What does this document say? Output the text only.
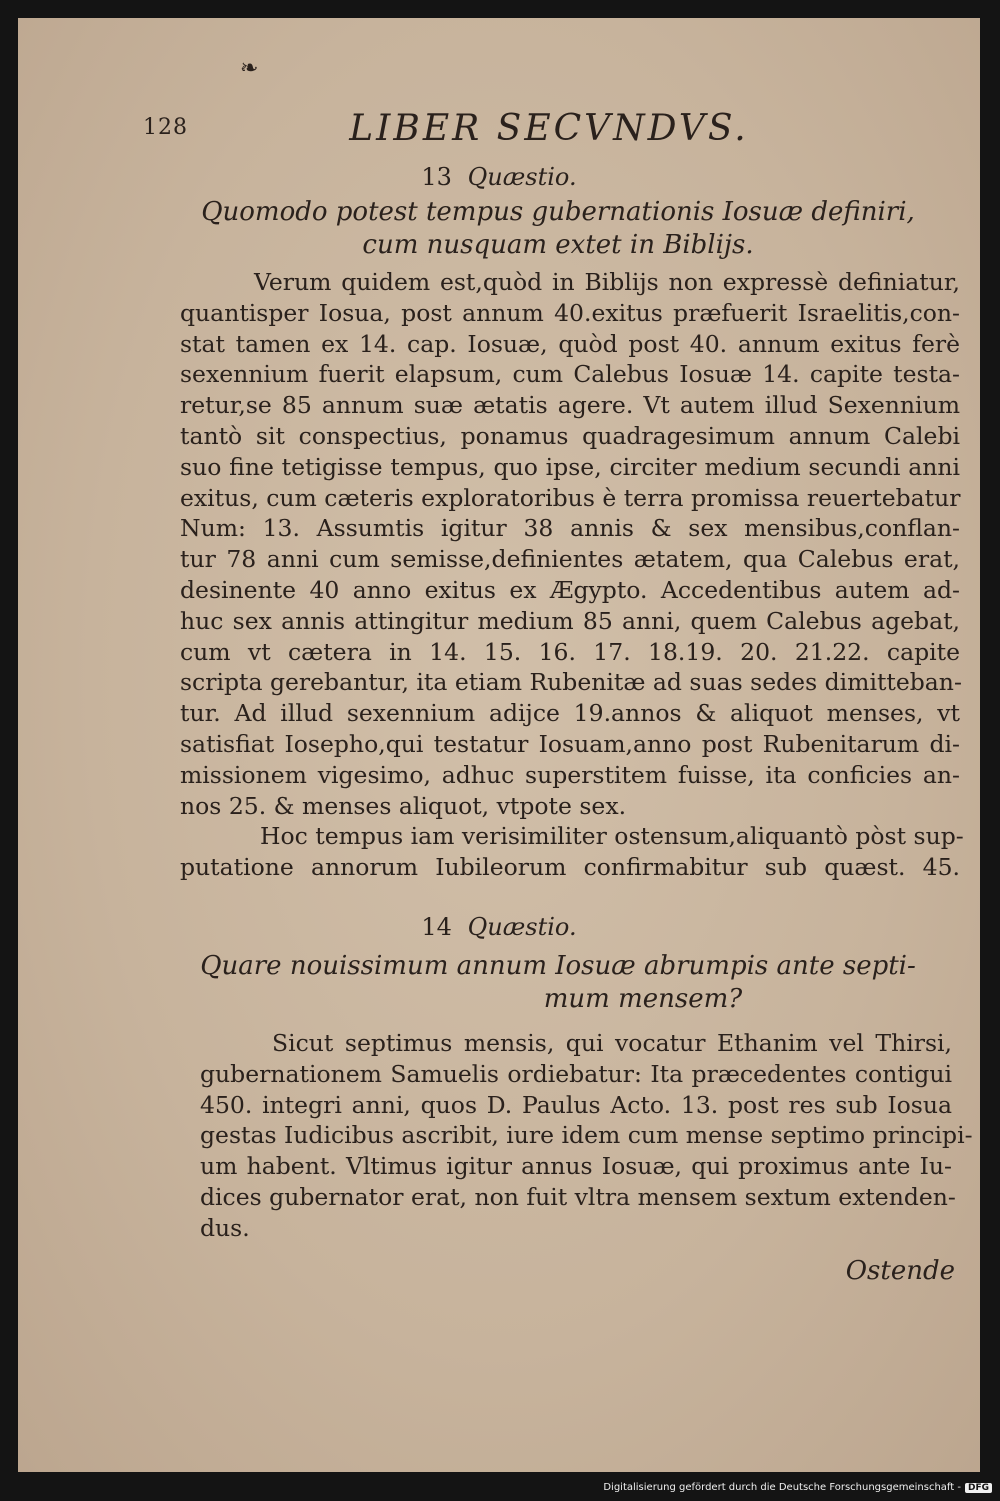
❧
128	LIBER SECVNDVS.
13 Quæstio.
Quomodo potest tempus gubernationis Iosuæ definiri,
cum nusquam extet in Biblijs.
Verum quidem est,quòd in Biblijs non expressè definiatur,
quantisper Iosua, post annum 40.exitus præfuerit Israelitis,con-
stat tamen ex 14. cap. Iosuæ, quòd post 40. annum exitus ferè
sexennium fuerit elapsum, cum Calebus Iosuæ 14. capite testa-
retur,se 85 annum suæ ætatis agere. Vt autem illud Sexennium
tantò sit conspectius, ponamus quadragesimum annum Calebi
suo fine tetigisse tempus, quo ipse, circiter medium secundi anni
exitus, cum cæteris exploratoribus è terra promissa reuertebatur
Num: 13. Assumtis igitur 38 annis & sex mensibus,conflan-
tur 78 anni cum semisse,definientes ætatem, qua Calebus erat,
desinente 40 anno exitus ex Ægypto. Accedentibus autem ad-
huc sex annis attingitur medium 85 anni, quem Calebus agebat,
cum vt cætera in 14. 15. 16. 17. 18.19. 20. 21.22. capite
scripta gerebantur, ita etiam Rubenitæ ad suas sedes dimitteban-
tur. Ad illud sexennium adijce 19.annos & aliquot menses, vt
satisfiat Iosepho,qui testatur Iosuam,anno post Rubenitarum di-
missionem vigesimo, adhuc superstitem fuisse, ita conficies an-
nos 25. & menses aliquot, vtpote sex.
Hoc tempus iam verisimiliter ostensum,aliquantò pòst sup-
putatione annorum Iubileorum confirmabitur sub quæst. 45.
14 Quæstio.
Quare nouissimum annum Iosuæ abrumpis ante septi-
mum mensem?
Sicut septimus mensis, qui vocatur Ethanim vel Thirsi,
gubernationem Samuelis ordiebatur: Ita præcedentes contigui
450. integri anni, quos D. Paulus Acto. 13. post res sub Iosua
gestas Iudicibus ascribit, iure idem cum mense septimo principi-
um habent. Vltimus igitur annus Iosuæ, qui proximus ante Iu-
dices gubernator erat, non fuit vltra mensem sextum extenden-
dus.
Ostende
Digitalisierung gefördert durch die Deutsche Forschungsgemeinschaft - DFG
